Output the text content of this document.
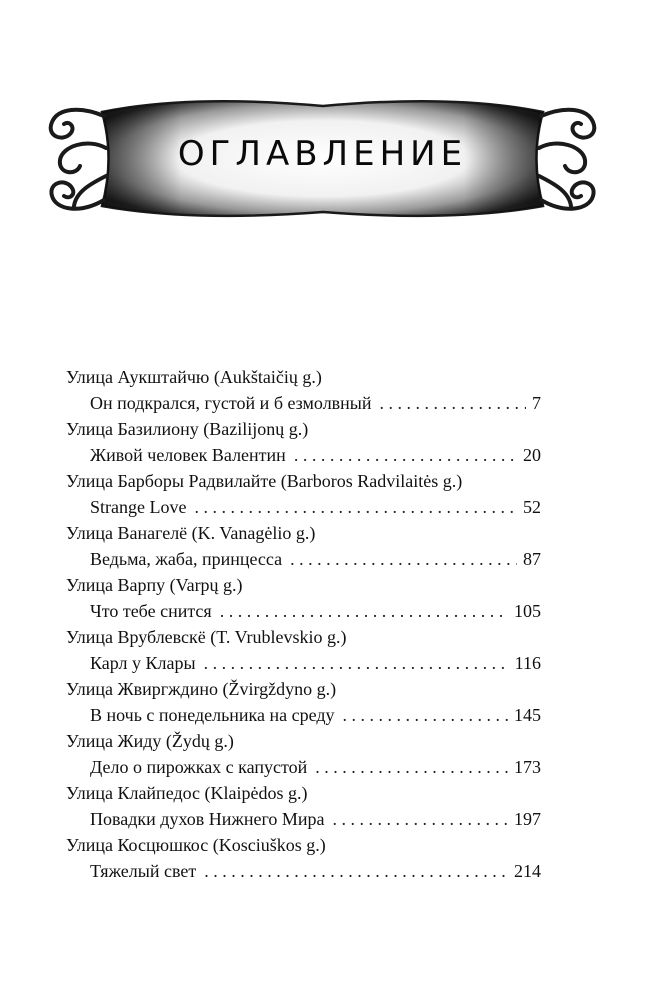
ОГЛАВЛЕНИЕ
Улица Аукштайчю (Aukštaičių g.)
Он подкрался, густой и б езмолвный . . .	7
Улица Базилиону (Bazilijonų g.)
Живой человек Валентин . . .	20
Улица Барборы Радвилайте (Barboros Radvilaitės g.)
Strange Love . . .	52
Улица Ванагелё (K. Vanagėlio g.)
Ведьма, жаба, принцесса . . .	87
Улица Варпу (Varpų g.)
Что тебе снится . . .	105
Улица Врублевскё (T. Vrublevskio g.)
Карл у Клары . . .	116
Улица Жвиргждино (Žvirgždyno g.)
В ночь с понедельника на среду . . .	145
Улица Жиду (Žydų g.)
Дело о пирожках с капустой . . .	173
Улица Клайпедос (Klaipėdos g.)
Повадки духов Нижнего Мира . . .	197
Улица Косцюшкос (Kosciuškos g.)
Тяжелый свет . . .	214
